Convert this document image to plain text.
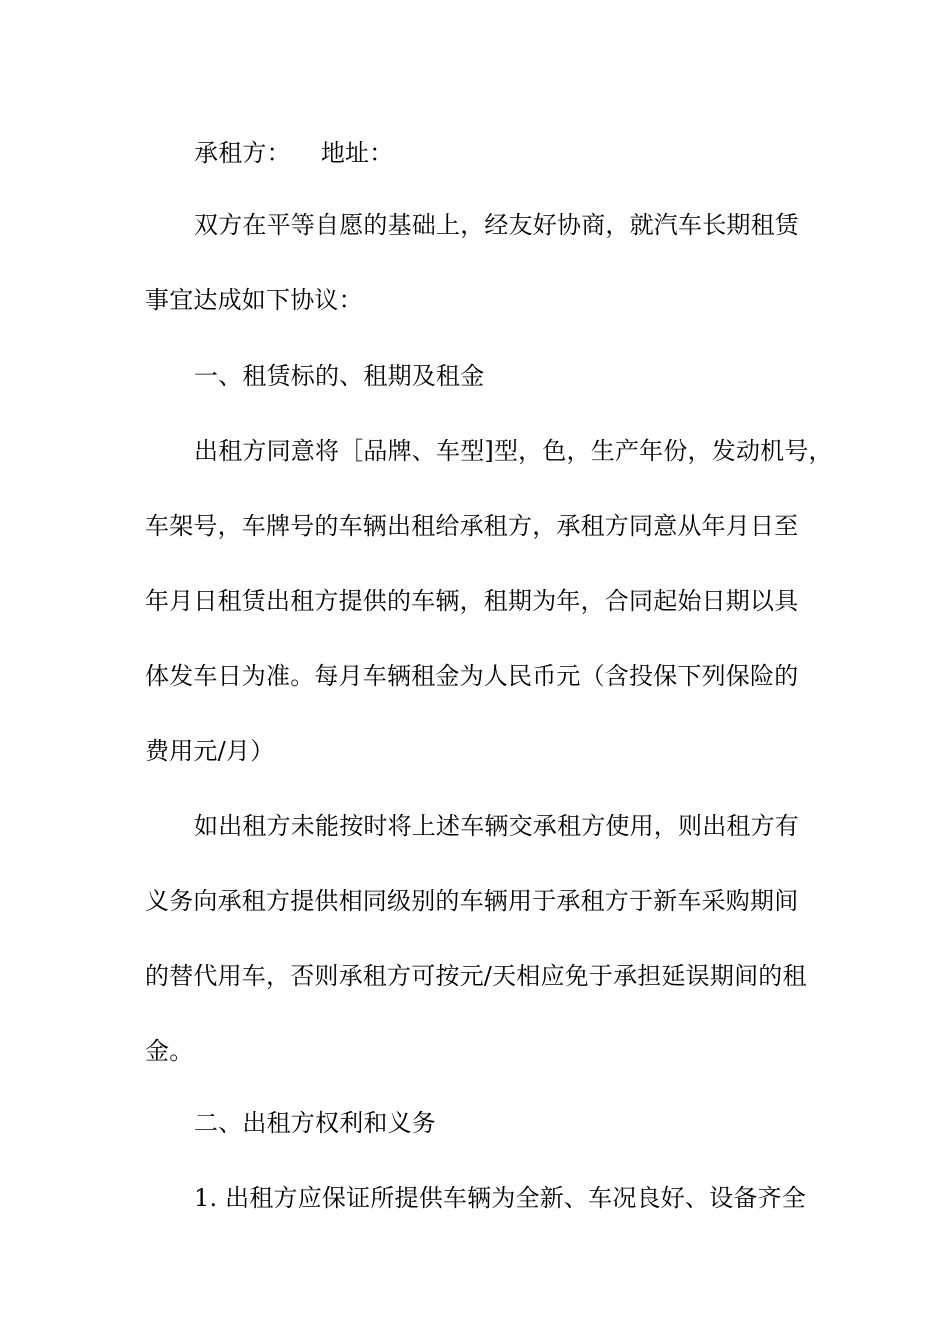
承租方： 地址：
双方在平等自愿的基础上，经友好协商，就汽车长期租赁
事宜达成如下协议：
一、租赁标的、租期及租金
出租方同意将［品牌、车型]型，色，生产年份，发动机号，
车架号，车牌号的车辆出租给承租方，承租方同意从年月日至
年月日租赁出租方提供的车辆，租期为年，合同起始日期以具
体发车日为准。每月车辆租金为人民币元（含投保下列保险的
费用元/月）
如出租方未能按时将上述车辆交承租方使用，则出租方有
义务向承租方提供相同级别的车辆用于承租方于新车采购期间
的替代用车，否则承租方可按元/天相应免于承担延误期间的租
金。
二、出租方权利和义务
1. 出租方应保证所提供车辆为全新、车况良好、设备齐全
